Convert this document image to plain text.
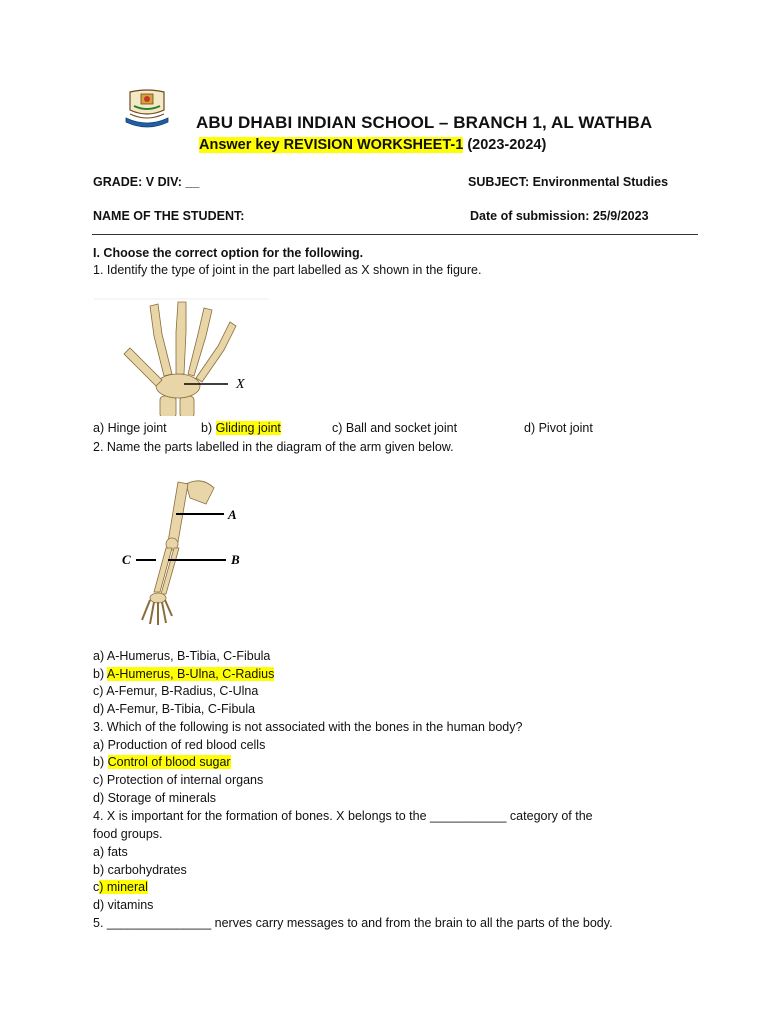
ABU DHABI INDIAN SCHOOL – BRANCH 1, AL WATHBA
Answer key REVISION WORKSHEET-1 (2023-2024)
GRADE: V DIV: __	SUBJECT: Environmental Studies
NAME OF THE STUDENT:	Date of submission: 25/9/2023
I. Choose the correct option for the following.
1. Identify the type of joint in the part labelled as X shown in the figure.
X
a) Hinge joint	b) Gliding joint	c) Ball and socket joint	d) Pivot joint
2. Name the parts labelled in the diagram of the arm given below.
A
B
C
a) A-Humerus, B-Tibia, C-Fibula
b) A-Humerus, B-Ulna, C-Radius
c) A-Femur, B-Radius, C-Ulna
d) A-Femur, B-Tibia, C-Fibula
3. Which of the following is not associated with the bones in the human body?
a) Production of red blood cells
b) Control of blood sugar
c) Protection of internal organs
d) Storage of minerals
4. X is important for the formation of bones. X belongs to the ___________ category of the
food groups.
a) fats
b) carbohydrates
c) mineral
d) vitamins
5. _______________ nerves carry messages to and from the brain to all the parts of the body.
